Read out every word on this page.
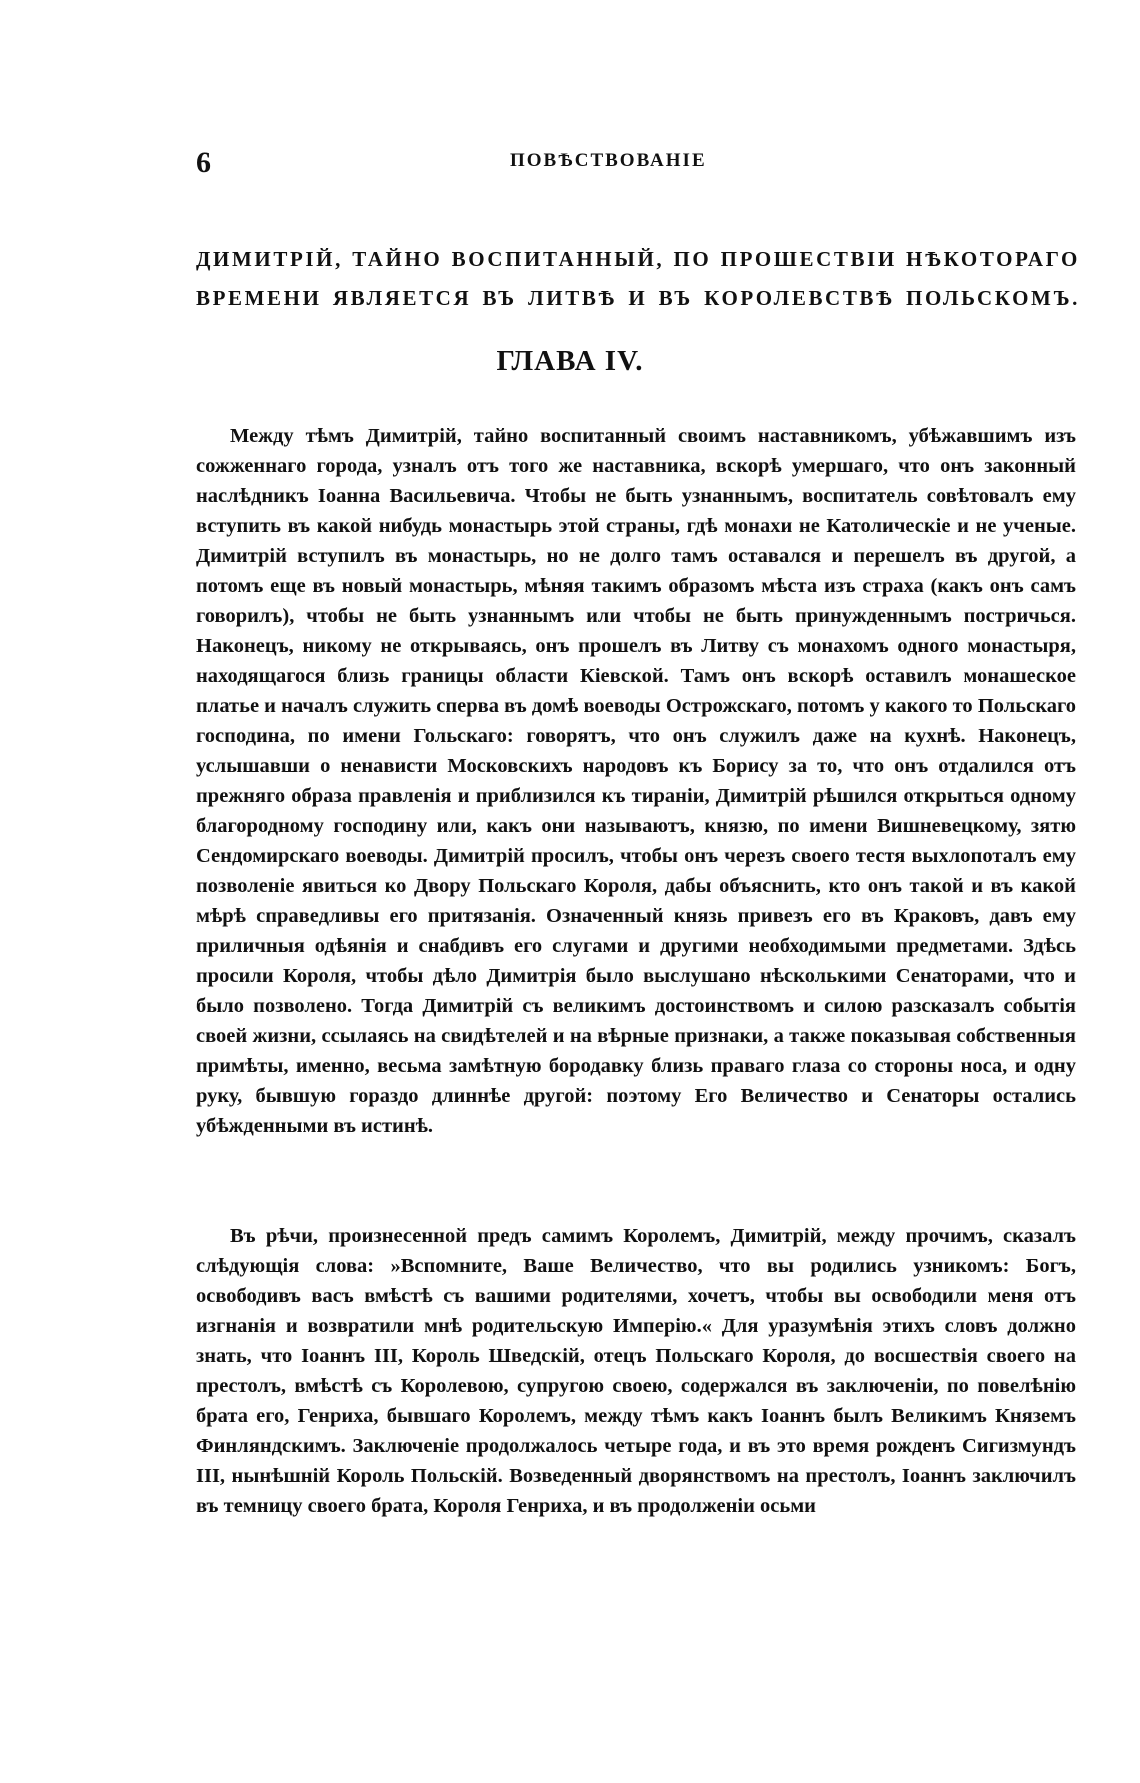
6	ПОВѢСТВОВАНІЕ
ДИМИТРІЙ, ТАЙНО ВОСПИТАННЫЙ, ПО ПРОШЕСТВІИ НѢКОТОРАГО ВРЕМЕНИ ЯВЛЯЕТСЯ ВЪ ЛИТВѢ И ВЪ КОРОЛЕВСТВѢ ПОЛЬСКОМЪ.
ГЛАВА IV.

Между тѣмъ Димитрій, тайно воспитанный своимъ наставникомъ, убѣжавшимъ изъ сожженнаго города, узналъ отъ того же наставника, вскорѣ умершаго, что онъ законный наслѣдникъ Іоанна Васильевича. Чтобы не быть узнаннымъ, воспитатель совѣтовалъ ему вступить въ какой нибудь монастырь этой страны, гдѣ монахи не Католическіе и не ученые. Димитрій вступилъ въ монастырь, но не долго тамъ оставался и перешелъ въ другой, а потомъ еще въ новый монастырь, мѣняя такимъ образомъ мѣста изъ страха (какъ онъ самъ говорилъ), чтобы не быть узнаннымъ или чтобы не быть принужденнымъ постричься. Наконецъ, никому не открываясь, онъ прошелъ въ Литву съ монахомъ одного монастыря, находящагося близь границы области Кіевской. Тамъ онъ вскорѣ оставилъ монашеское платье и началъ служить сперва въ домѣ воеводы Острожскаго, потомъ у какого то Польскаго господина, по имени Гольскаго: говорятъ, что онъ служилъ даже на кухнѣ. Наконецъ, услышавши о ненависти Московскихъ народовъ къ Борису за то, что онъ отдалился отъ прежняго образа правленія и приблизился къ тираніи, Димитрій рѣшился открыться одному благородному господину или, какъ они называютъ, князю, по имени Вишневецкому, зятю Сендомирскаго воеводы. Димитрій просилъ, чтобы онъ черезъ своего тестя выхлопоталъ ему позволеніе явиться ко Двору Польскаго Короля, дабы объяснить, кто онъ такой и въ какой мѣрѣ справедливы его притязанія. Означенный князь привезъ его въ Краковъ, давъ ему приличныя одѣянія и снабдивъ его слугами и другими необходимыми предметами. Здѣсь просили Короля, чтобы дѣло Димитрія было выслушано нѣсколькими Сенаторами, что и было позволено. Тогда Димитрій съ великимъ достоинствомъ и силою разсказалъ событія своей жизни, ссылаясь на свидѣтелей и на вѣрные признаки, а также показывая собственныя примѣты, именно, весьма замѣтную бородавку близь праваго глаза со стороны носа, и одну руку, бывшую гораздо длиннѣе другой: поэтому Его Величество и Сенаторы остались убѣжденными въ истинѣ.

Въ рѣчи, произнесенной предъ самимъ Королемъ, Димитрій, между прочимъ, сказалъ слѣдующія слова: »Вспомните, Ваше Величество, что вы родились узникомъ: Богъ, освободивъ васъ вмѣстѣ съ вашими родителями, хочетъ, чтобы вы освободили меня отъ изгнанія и возвратили мнѣ родительскую Имперію.« Для уразумѣнія этихъ словъ должно знать, что Іоаннъ III, Король Шведскій, отецъ Польскаго Короля, до восшествія своего на престолъ, вмѣстѣ съ Королевою, супругою своею, содержался въ заключеніи, по повелѣнію брата его, Генриха, бывшаго Королемъ, между тѣмъ какъ Іоаннъ былъ Великимъ Княземъ Финляндскимъ. Заключеніе продолжалось четыре года, и въ это время рожденъ Сигизмундъ III, нынѣшній Король Польскій. Возведенный дворянствомъ на престолъ, Іоаннъ заключилъ въ темницу своего брата, Короля Генриха, и въ продолженіи осьми
